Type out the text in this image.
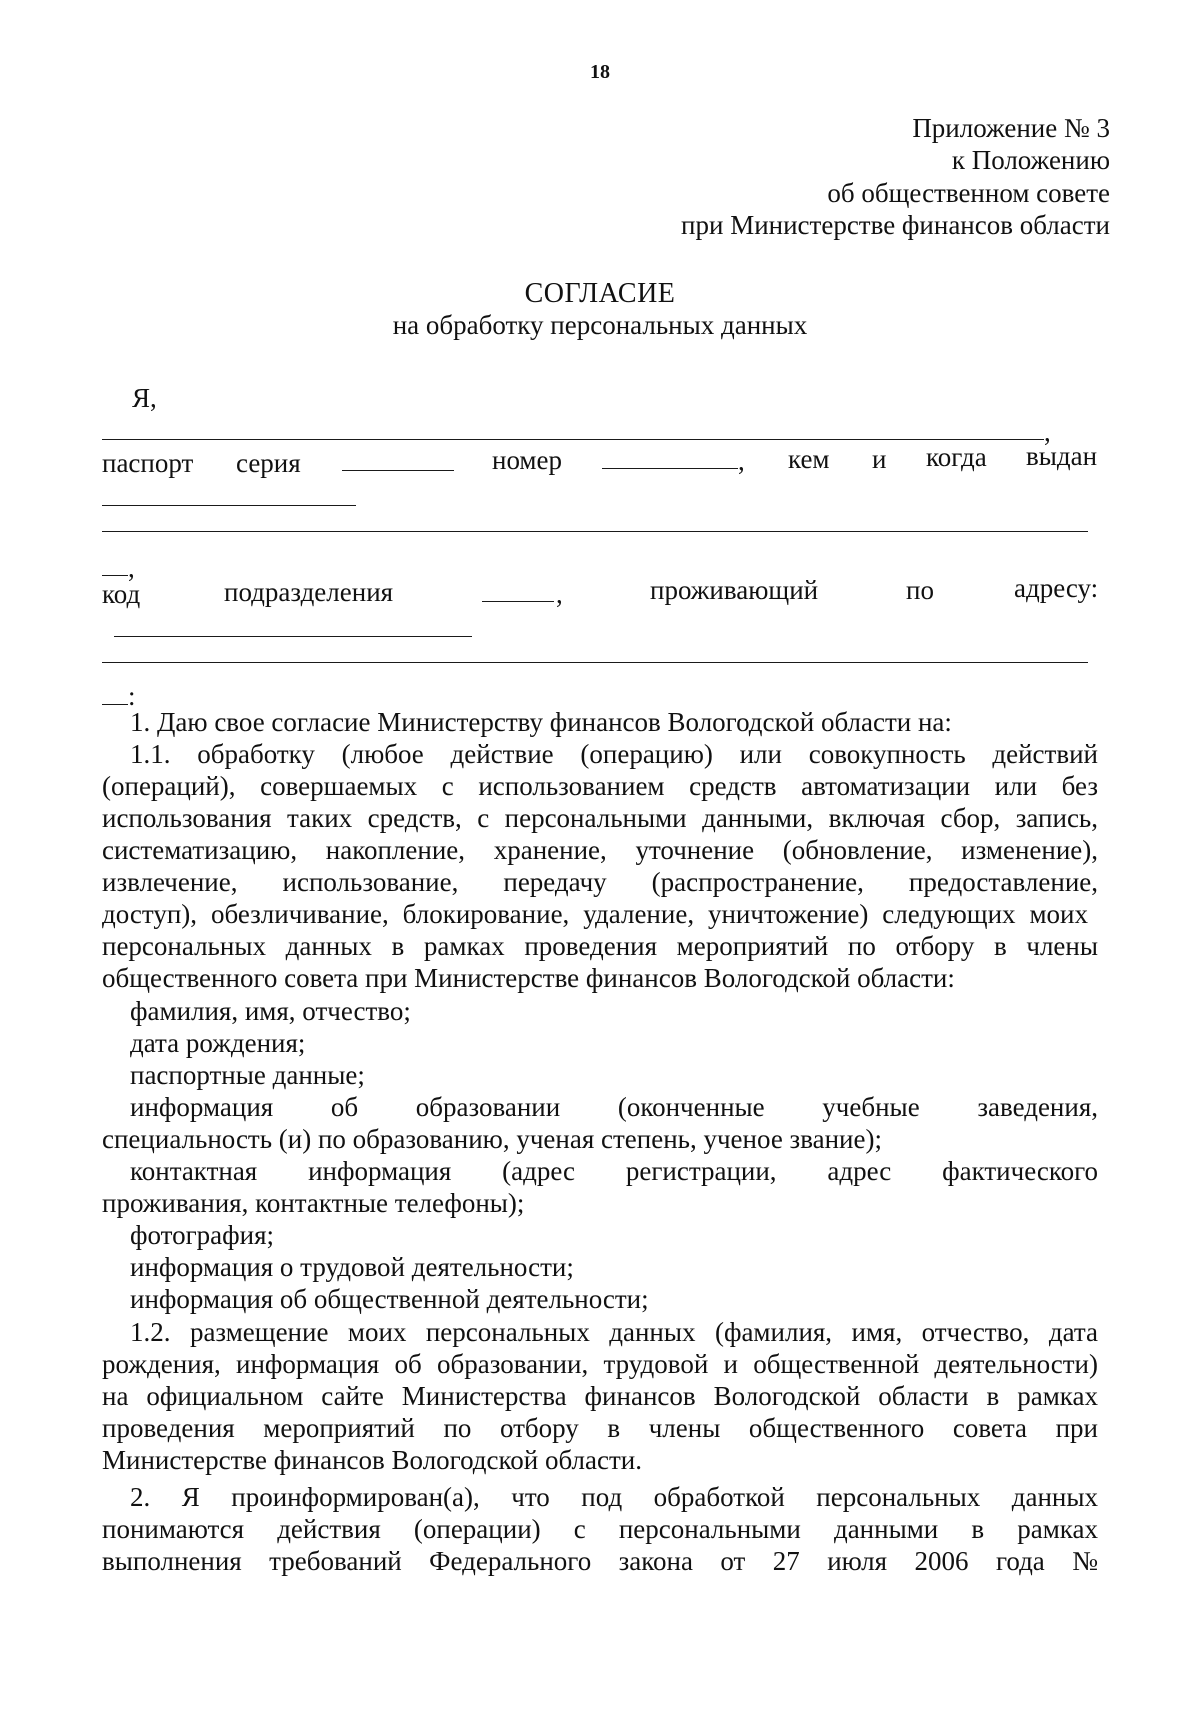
18
Приложение № 3
к Положению
об общественном совете
при Министерстве финансов области
СОГЛАСИЕ
на обработку персональных данных
Я,
,
паспорт серия	номер	, кем и когда выдан
,
код	подразделения	,	проживающий	по	адресу:
:
1. Даю свое согласие Министерству финансов Вологодской области на:
1.1. обработку (любое действие (операцию) или совокупность действий
(операций), совершаемых с использованием средств автоматизации или без
использования таких средств, с персональными данными, включая сбор, запись,
систематизацию, накопление, хранение, уточнение (обновление, изменение),
извлечение, использование, передачу (распространение, предоставление,
доступ), обезличивание, блокирование, удаление, уничтожение) следующих моих
персональных данных в рамках проведения мероприятий по отбору в члены
общественного совета при Министерстве финансов Вологодской области:
фамилия, имя, отчество;
дата рождения;
паспортные данные;
информация об образовании (оконченные учебные заведения,
специальность (и) по образованию, ученая степень, ученое звание);
контактная информация (адрес регистрации, адрес фактического
проживания, контактные телефоны);
фотография;
информация о трудовой деятельности;
информация об общественной деятельности;
1.2. размещение моих персональных данных (фамилия, имя, отчество, дата
рождения, информация об образовании, трудовой и общественной деятельности)
на официальном сайте Министерства финансов Вологодской области в рамках
проведения мероприятий по отбору в члены общественного совета при
Министерстве финансов Вологодской области.
2. Я проинформирован(а), что под обработкой персональных данных
понимаются действия (операции) с персональными данными в рамках
выполнения требований Федерального закона от 27 июля 2006 года №
